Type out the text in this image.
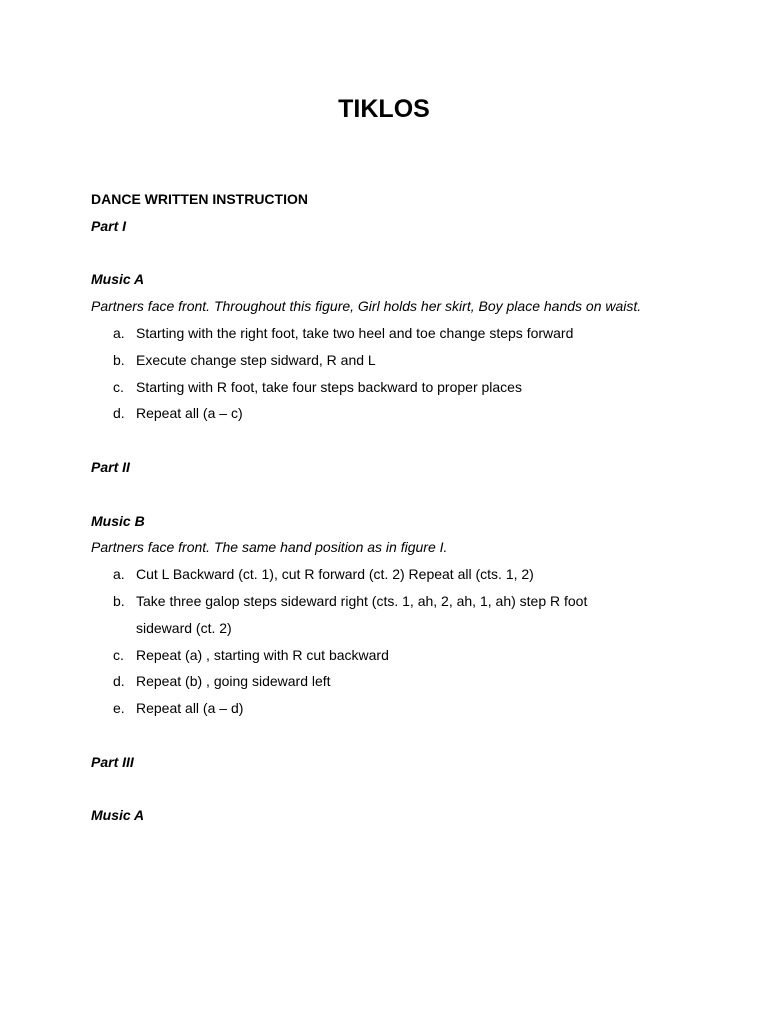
TIKLOS

DANCE WRITTEN INSTRUCTION

Part I

Music A

Partners face front. Throughout this figure, Girl holds her skirt, Boy place hands on waist.

a. Starting with the right foot, take two heel and toe change steps forward
b. Execute change step sidward, R and L
c. Starting with R foot, take four steps backward to proper places
d. Repeat all (a – c)

Part II

Music B

Partners face front. The same hand position as in figure I.

a. Cut L Backward (ct. 1), cut R forward (ct. 2) Repeat all (cts. 1, 2)
b. Take three galop steps sideward right (cts. 1, ah, 2, ah, 1, ah) step R foot sideward (ct. 2)
c. Repeat (a) , starting with R cut backward
d. Repeat (b) , going sideward left
e. Repeat all (a – d)

Part III

Music A
